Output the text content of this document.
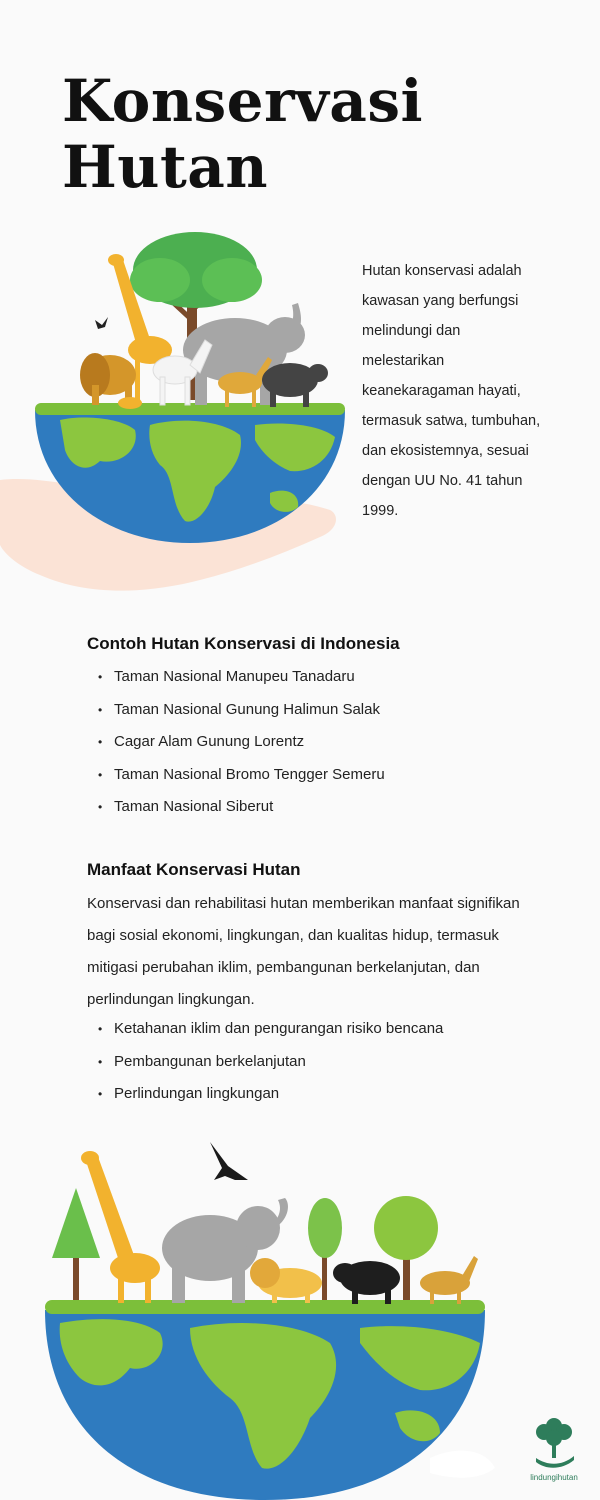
Konservasi
Hutan
Hutan konservasi adalah
kawasan yang berfungsi
melindungi dan
melestarikan
keanekaragaman hayati,
termasuk satwa, tumbuhan,
dan ekosistemnya, sesuai
dengan UU No. 41 tahun
1999.
Contoh Hutan Konservasi di Indonesia
• Taman Nasional Manupeu Tanadaru
• Taman Nasional Gunung Halimun Salak
• Cagar Alam Gunung Lorentz
• Taman Nasional Bromo Tengger Semeru
• Taman Nasional Siberut
Manfaat Konservasi Hutan
Konservasi dan rehabilitasi hutan memberikan manfaat signifikan
bagi sosial ekonomi, lingkungan, dan kualitas hidup, termasuk
mitigasi perubahan iklim, pembangunan berkelanjutan, dan
perlindungan lingkungan.
• Ketahanan iklim dan pengurangan risiko bencana
• Pembangunan berkelanjutan
• Perlindungan lingkungan
lindungihutan
